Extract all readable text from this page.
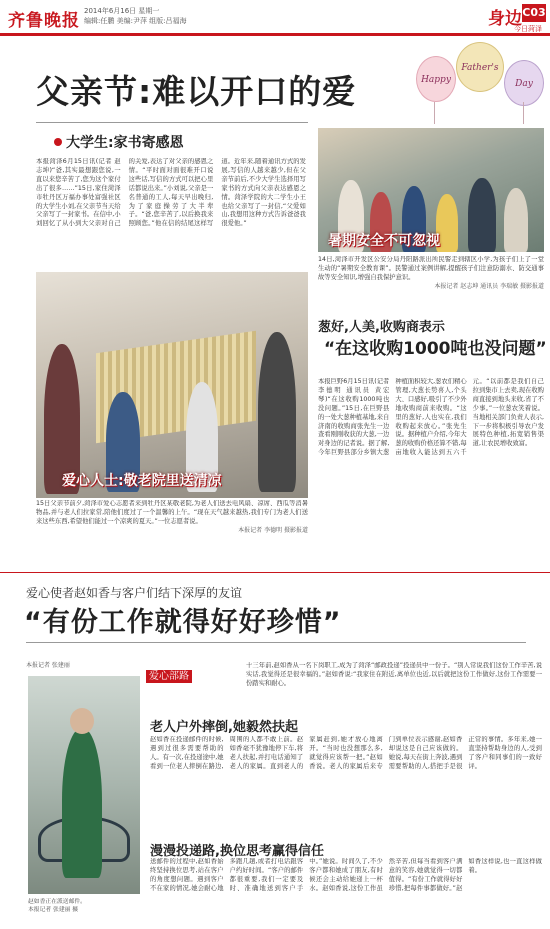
齐鲁晚报 2014年6月16日 星期一
编辑:任鹏 美编:尹萍 组版:吕福海	身边 C03
今日菏泽
父亲节:难以开口的爱	Happy
Father's
Day
大学生:家书寄感恩
本报菏泽6月15日讯(记者 赵志坤)“爸,其实最想跟您说,一直以来您辛苦了,您为这个家付出了很多……”15日,家住菏泽市牡丹区万福办事处富强社区的大学生小刘,在父亲节当天给父亲写了一封家书。在信中,小刘回忆了从小到大父亲对自己的关爱,表达了对父亲的感恩之情。“平时面对面很难开口说这些话,写信的方式可以把心里话都说出来。”小刘说,父亲是一名普通的工人,每天早出晚归,为了家庭操劳了大半辈子。“爸,您辛苦了,以后换我来照顾您。”他在信的结尾这样写道。近年来,随着通讯方式的发展,写信的人越来越少,但在父亲节前后,不少大学生选择用写家书的方式向父亲表达感恩之情。菏泽学院的大二学生小王也给父亲写了一封信,“父爱如山,我想用这种方式告诉爸爸我很爱他。”
暑期安全不可忽视
14日,菏泽市开发区公安分局丹阳路派出所民警走到辖区小学,为孩子们上了一堂生动的“暑期安全教育课”。民警通过案例讲解,提醒孩子们注意防溺水、防交通事故等安全知识,增强自我保护意识。
本报记者 赵志坤 通讯员 李瑞敏 摄影报道
葱好,人美,收购商表示
“在这收购1000吨也没问题”
本报巨野6月15日讯(记者 李德明 通讯员 黄宏琴)“在这收购1000吨也没问题。”15日,在巨野县的一处大葱种植基地,来自济南的收购商张先生一边查看刚刚收获的大葱,一边对身边的记者说。据了解,今年巨野县部分乡镇大葱种植面积较大,葱农们精心管理,大葱长势喜人,个头大、口感好,吸引了不少外地收购商前来收购。“这里的葱好,人也实在,我们收购起来放心。”张先生说。据种植户介绍,今年大葱的收购价格还算不错,每亩地收入能达到五六千元。“以前都是我们自己拉到集市上去卖,现在收购商直接到地头来收,省了不少事。”一位葱农笑着说。当地相关部门负责人表示,下一步将积极引导农户发展特色种植,拓宽销售渠道,让农民增收致富。
爱心人士:敬老院里送清凉
15日父亲节前夕,菏泽市爱心志愿者来到牡丹区某敬老院,为老人们送去电风扇、凉席、西瓜等消暑物品,并与老人们拉家常,陪他们度过了一个温馨的上午。“现在天气越来越热,我们专门为老人们送来这些东西,希望他们能过一个凉爽的夏天。”一位志愿者说。
本报记者 李德明 摄影报道
爱心使者赵如香与客户们结下深厚的友谊
“有份工作就得好好珍惜”
本报记者 张建丽	十三年前,赵如香从一名下岗职工,成为了菏泽“邮政投递”投递员中一份子。“别人常说我们这份工作辛苦,说实话,我觉得还是很幸福的。”赵如香说:“我家住在附近,离单位也近,以后就把这份工作做好,这份工作需要一份踏实和耐心。
赵如香正在派送邮件。
本报记者 张建丽 摄
爱心部路
老人户外摔倒,她毅然扶起
赵如香在投递邮件的时候,遇到过很多需要帮助的人。有一次,在投递途中,她看到一位老人摔倒在路边,周围的人都不敢上前。赵如香毫不犹豫地停下车,将老人扶起,并打电话通知了老人的家属。直到老人的家属赶到,她才放心地离开。“当时也没想那么多,就觉得应该帮一把。”赵如香说。老人的家属后来专门到单位表示感谢,赵如香却说这是自己应该做的。她说,每天在街上奔波,遇到需要帮助的人,搭把手是很正常的事情。多年来,她一直坚持帮助身边的人,受到了客户和同事们的一致好评。
漫漫投递路,换位思考赢得信任
送邮件的过程中,赵如香始终坚持换位思考,站在客户的角度想问题。遇到客户不在家的情况,她会耐心地多跑几趟,或者打电话跟客户约好时间。“客户的邮件都很重要,我们一定要及时、准确地送到客户手中。”她说。时间久了,不少客户都和她成了朋友,有时候还会主动给她递上一杯水。赵如香说,这份工作虽然辛苦,但每当看到客户满意的笑容,她就觉得一切都值得。“有份工作就得好好珍惜,把每件事都做好。”赵如香这样说,也一直这样做着。
